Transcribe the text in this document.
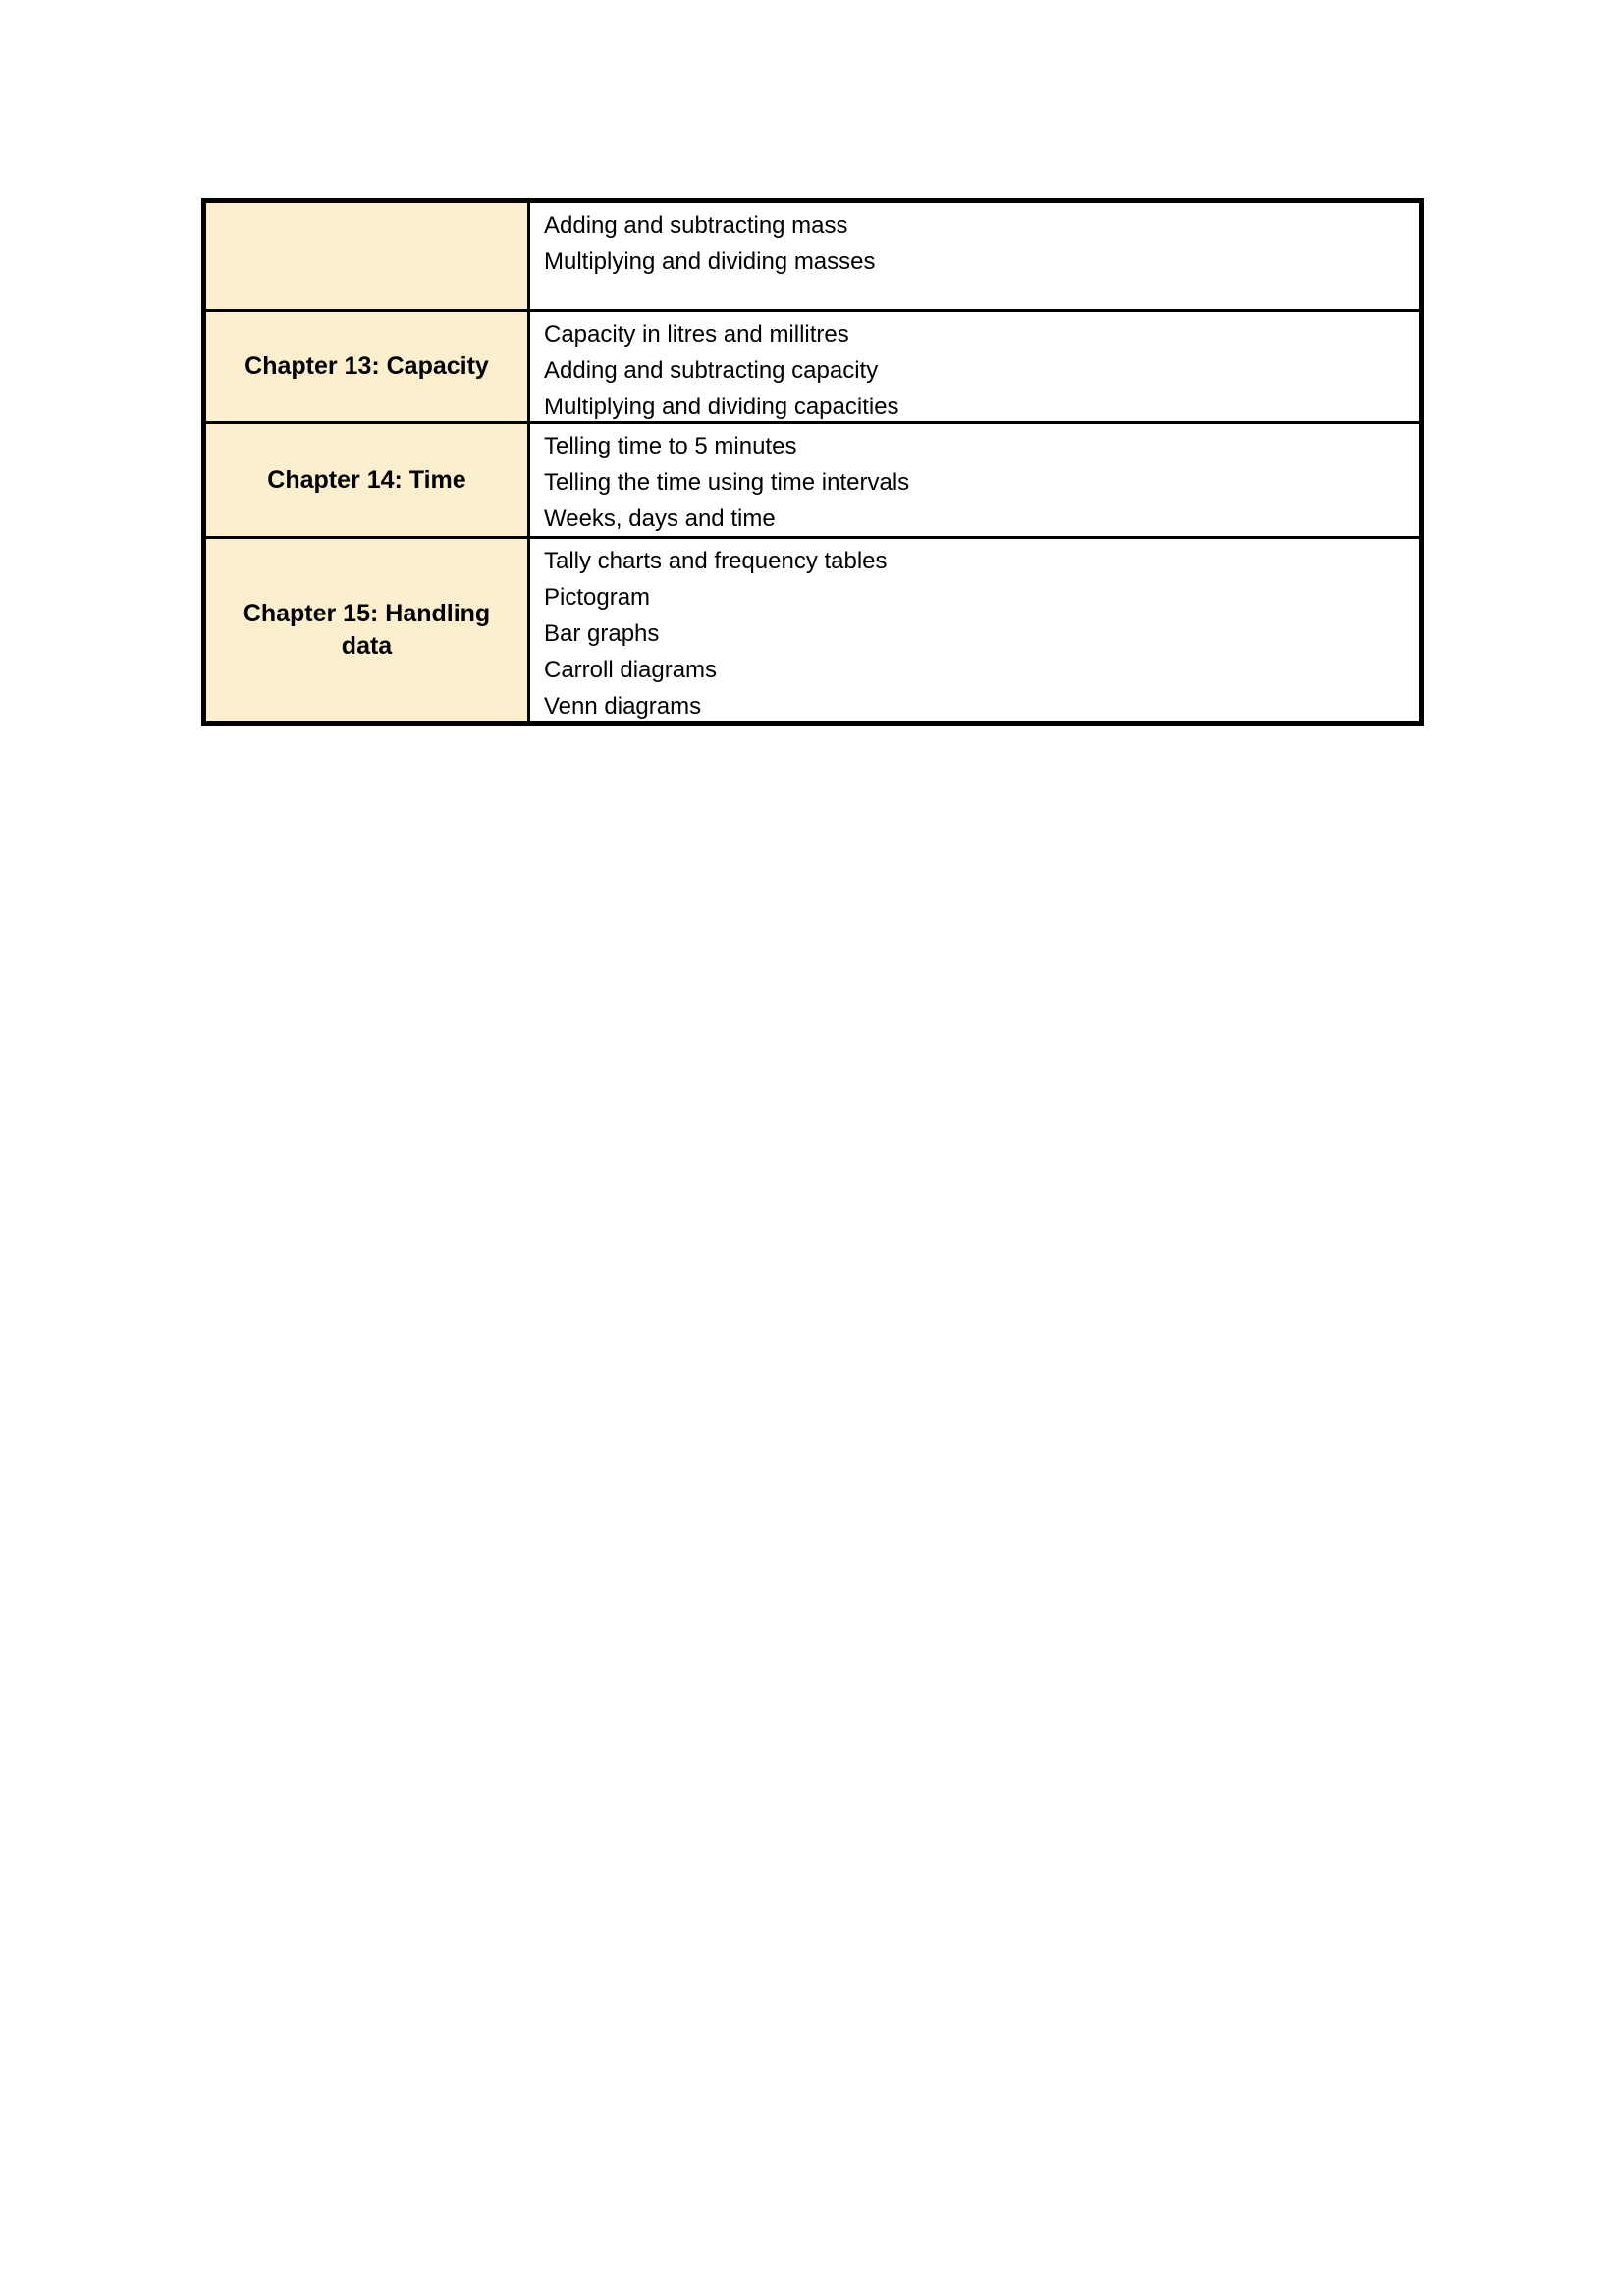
Adding and subtracting mass
Multiplying and dividing masses
Chapter 13: Capacity
Capacity in litres and millitres
Adding and subtracting capacity
Multiplying and dividing capacities
Chapter 14: Time
Telling time to 5 minutes
Telling the time using time intervals
Weeks, days and time
Chapter 15: Handling data
Tally charts and frequency tables
Pictogram
Bar graphs
Carroll diagrams
Venn diagrams
